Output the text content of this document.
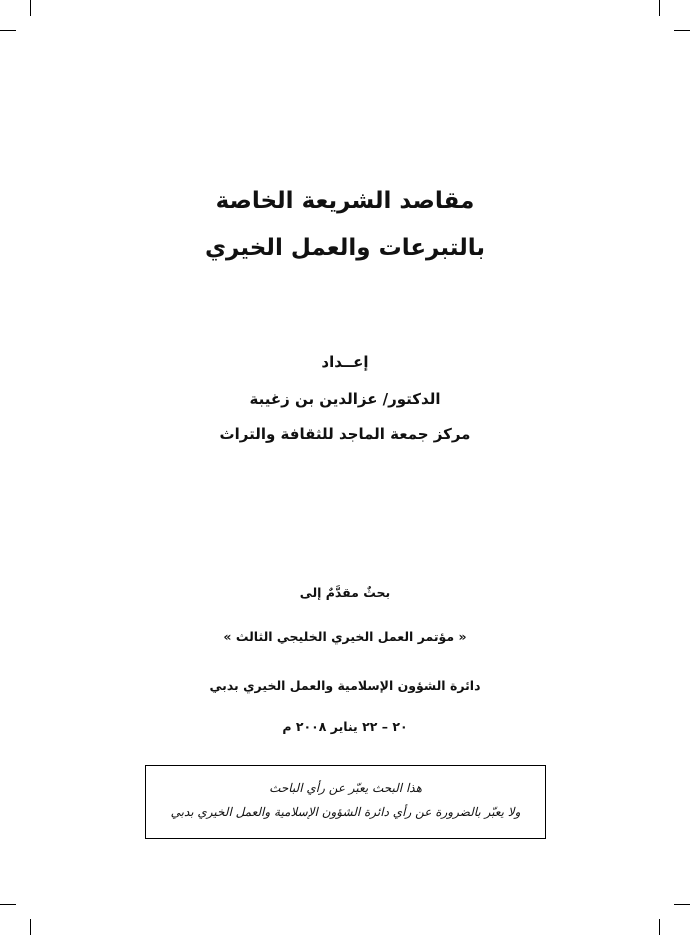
مقاصد الشريعة الخاصة
بالتبرعات والعمل الخيري

إعــداد

الدكتور/ عزالدين بن زغيبة

مركز جمعة الماجد للثقافة والتراث

بحثٌ مقدَّمٌ إلى

« مؤتمر العمل الخيري الخليجي الثالث »

دائرة الشؤون الإسلامية والعمل الخيري بدبي

٢٠ – ٢٢ يناير ٢٠٠٨ م

هذا البحث يعبّر عن رأي الباحث

ولا يعبّر بالضرورة عن رأي دائرة الشؤون الإسلامية والعمل الخيري بدبي
